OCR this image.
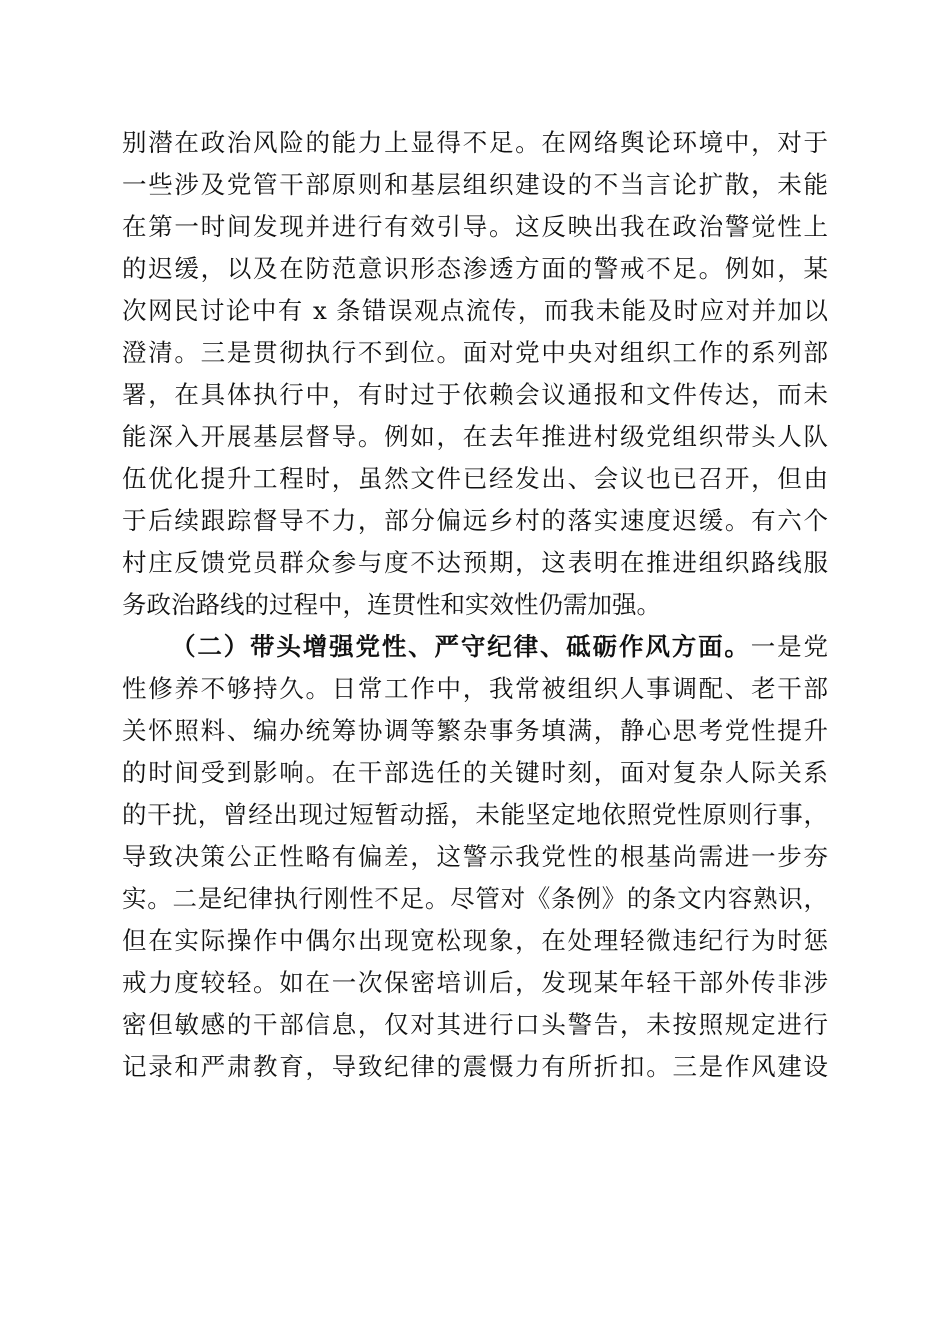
别潜在政治风险的能力上显得不足。在网络舆论环境中，对于
一些涉及党管干部原则和基层组织建设的不当言论扩散，未能
在第一时间发现并进行有效引导。这反映出我在政治警觉性上
的迟缓，以及在防范意识形态渗透方面的警戒不足。例如，某
次网民讨论中有 x 条错误观点流传，而我未能及时应对并加以
澄清。三是贯彻执行不到位。面对党中央对组织工作的系列部
署，在具体执行中，有时过于依赖会议通报和文件传达，而未
能深入开展基层督导。例如，在去年推进村级党组织带头人队
伍优化提升工程时，虽然文件已经发出、会议也已召开，但由
于后续跟踪督导不力，部分偏远乡村的落实速度迟缓。有六个
村庄反馈党员群众参与度不达预期，这表明在推进组织路线服
务政治路线的过程中，连贯性和实效性仍需加强。
（二）带头增强党性、严守纪律、砥砺作风方面。一是党
性修养不够持久。日常工作中，我常被组织人事调配、老干部
关怀照料、编办统筹协调等繁杂事务填满，静心思考党性提升
的时间受到影响。在干部选任的关键时刻，面对复杂人际关系
的干扰，曾经出现过短暂动摇，未能坚定地依照党性原则行事，
导致决策公正性略有偏差，这警示我党性的根基尚需进一步夯
实。二是纪律执行刚性不足。尽管对《条例》的条文内容熟识，
但在实际操作中偶尔出现宽松现象，在处理轻微违纪行为时惩
戒力度较轻。如在一次保密培训后，发现某年轻干部外传非涉
密但敏感的干部信息，仅对其进行口头警告，未按照规定进行
记录和严肃教育，导致纪律的震慑力有所折扣。三是作风建设
